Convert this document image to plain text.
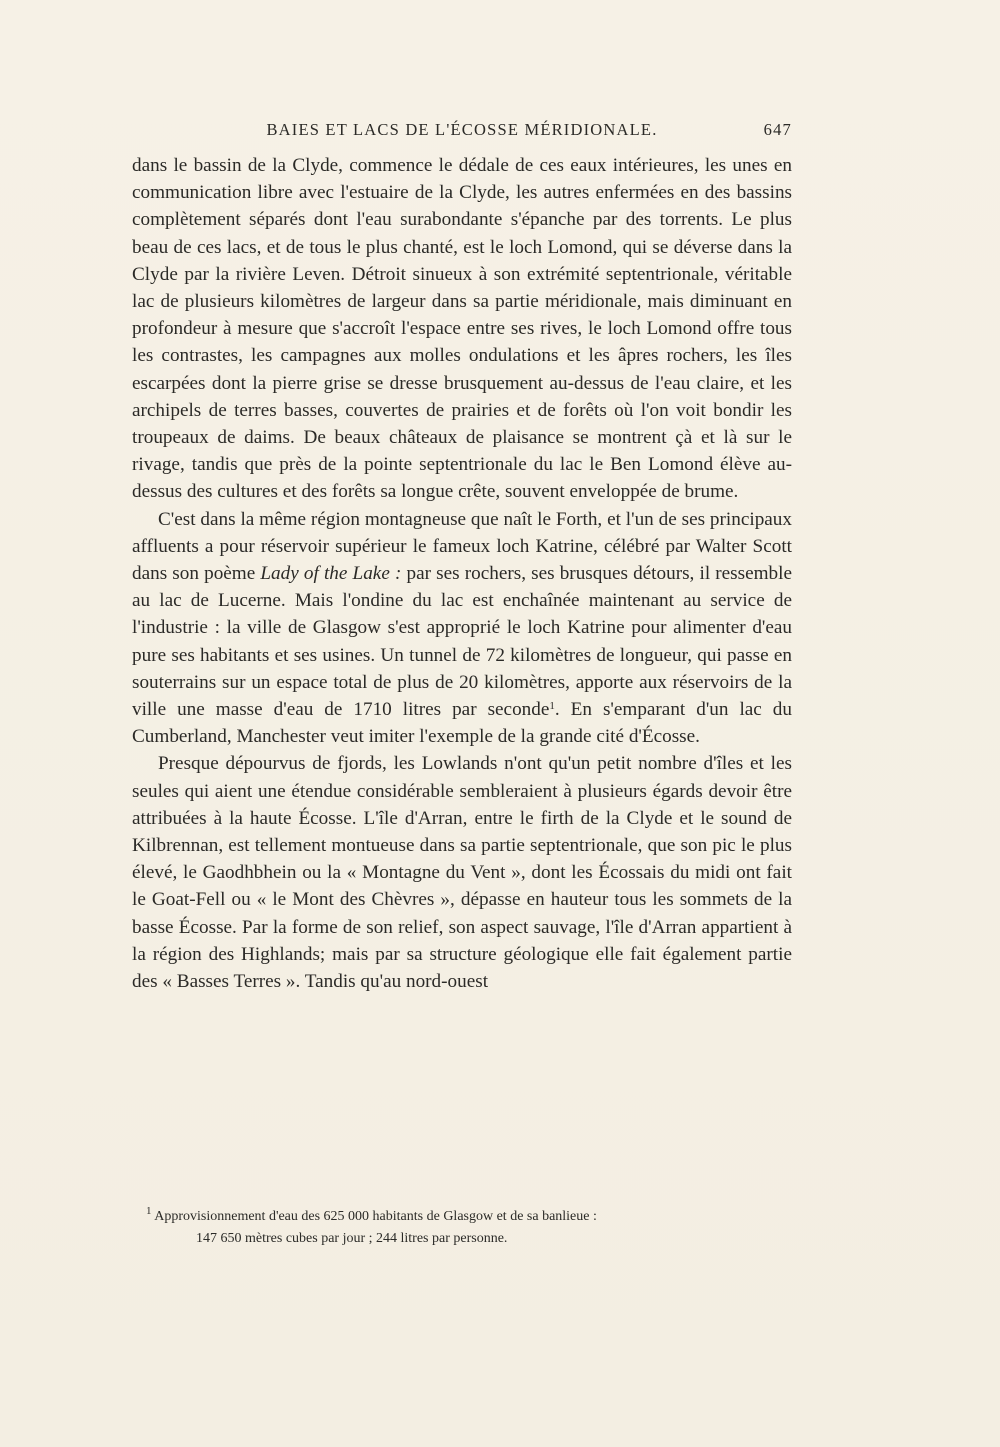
BAIES ET LACS DE L'ÉCOSSE MÉRIDIONALE.	647

dans le bassin de la Clyde, commence le dédale de ces eaux intérieures, les unes en communication libre avec l'estuaire de la Clyde, les autres enfermées en des bassins complètement séparés dont l'eau surabondante s'épanche par des torrents. Le plus beau de ces lacs, et de tous le plus chanté, est le loch Lomond, qui se déverse dans la Clyde par la rivière Leven. Détroit sinueux à son extrémité septentrionale, véritable lac de plusieurs kilomètres de largeur dans sa partie méridionale, mais diminuant en profondeur à mesure que s'accroît l'espace entre ses rives, le loch Lomond offre tous les contrastes, les campagnes aux molles ondulations et les âpres rochers, les îles escarpées dont la pierre grise se dresse brusquement au-dessus de l'eau claire, et les archipels de terres basses, couvertes de prairies et de forêts où l'on voit bondir les troupeaux de daims. De beaux châteaux de plaisance se montrent çà et là sur le rivage, tandis que près de la pointe septentrionale du lac le Ben Lomond élève au-dessus des cultures et des forêts sa longue crête, souvent enveloppée de brume.

C'est dans la même région montagneuse que naît le Forth, et l'un de ses principaux affluents a pour réservoir supérieur le fameux loch Katrine, célébré par Walter Scott dans son poème Lady of the Lake : par ses rochers, ses brusques détours, il ressemble au lac de Lucerne. Mais l'ondine du lac est enchaînée maintenant au service de l'industrie : la ville de Glasgow s'est approprié le loch Katrine pour alimenter d'eau pure ses habitants et ses usines. Un tunnel de 72 kilomètres de longueur, qui passe en souterrains sur un espace total de plus de 20 kilomètres, apporte aux réservoirs de la ville une masse d'eau de 1710 litres par seconde$^1$. En s'emparant d'un lac du Cumberland, Manchester veut imiter l'exemple de la grande cité d'Écosse.

Presque dépourvus de fjords, les Lowlands n'ont qu'un petit nombre d'îles et les seules qui aient une étendue considérable sembleraient à plusieurs égards devoir être attribuées à la haute Écosse. L'île d'Arran, entre le firth de la Clyde et le sound de Kilbrennan, est tellement montueuse dans sa partie septentrionale, que son pic le plus élevé, le Gaodhbhein ou la « Montagne du Vent », dont les Écossais du midi ont fait le Goat-Fell ou « le Mont des Chèvres », dépasse en hauteur tous les sommets de la basse Écosse. Par la forme de son relief, son aspect sauvage, l'île d'Arran appartient à la région des Highlands; mais par sa structure géologique elle fait également partie des « Basses Terres ». Tandis qu'au nord-ouest

$^1$ Approvisionnement d'eau des 625 000 habitants de Glasgow et de sa banlieue :
147 650 mètres cubes par jour ; 244 litres par personne.
